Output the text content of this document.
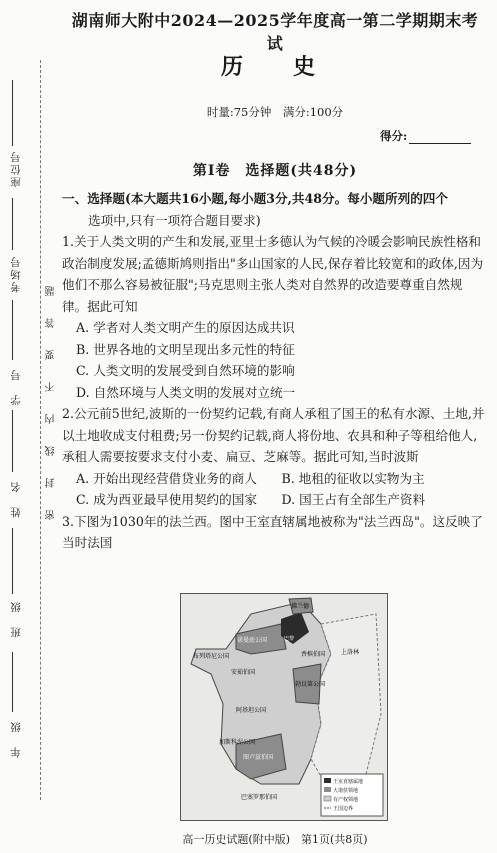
座位号
考场号
学　号
姓　名
班　级
年　级
密　封　线　内　不　要　答　题
湖南师大附中2024—2025学年度高一第二学期期末考试
历　史
时量:75分钟　满分:100分
得分:
第Ⅰ卷　选择题(共48分)

一、选择题(本大题共16小题,每小题3分,共48分。每小题所列的四个

选项中,只有一项符合题目要求)

1.关于人类文明的产生和发展,亚里士多德认为气候的冷暖会影响民族性格和政治制度发展;孟德斯鸠则指出"多山国家的人民,保存着比较宽和的政体,因为他们不那么容易被征服";马克思则主张人类对自然界的改造要尊重自然规律。据此可知

A. 学者对人类文明产生的原因达成共识

B. 世界各地的文明呈现出多元性的特征

C. 人类文明的发展受到自然环境的影响

D. 自然环境与人类文明的发展对立统一

2.公元前5世纪,波斯的一份契约记载,有商人承租了国王的私有水源、土地,并以土地收成支付租费;另一份契约记载,商人将份地、农具和种子等租给他人,承租人需要按要求支付小麦、扁豆、芝麻等。据此可知,当时波斯

A. 开始出现经营借贷业务的商人	B. 地租的征收以实物为主
C. 成为西亚最早使用契约的国家	D. 国王占有全部生产资料

3.下图为1030年的法兰西。图中王室直辖属地被称为"法兰西岛"。这反映了当时法国

佛兰德
诺曼底公国
布列塔尼公国
安茹伯国
香槟伯国
勃艮第公国
阿基坦公国
加斯科涅公国
图卢兹伯国
巴塞罗那伯国
上洛林
巴黎
王室直辖属地
大诸侯领地
有产权领地
王国边界
高一历史试题(附中版)　第1页(共8页)
